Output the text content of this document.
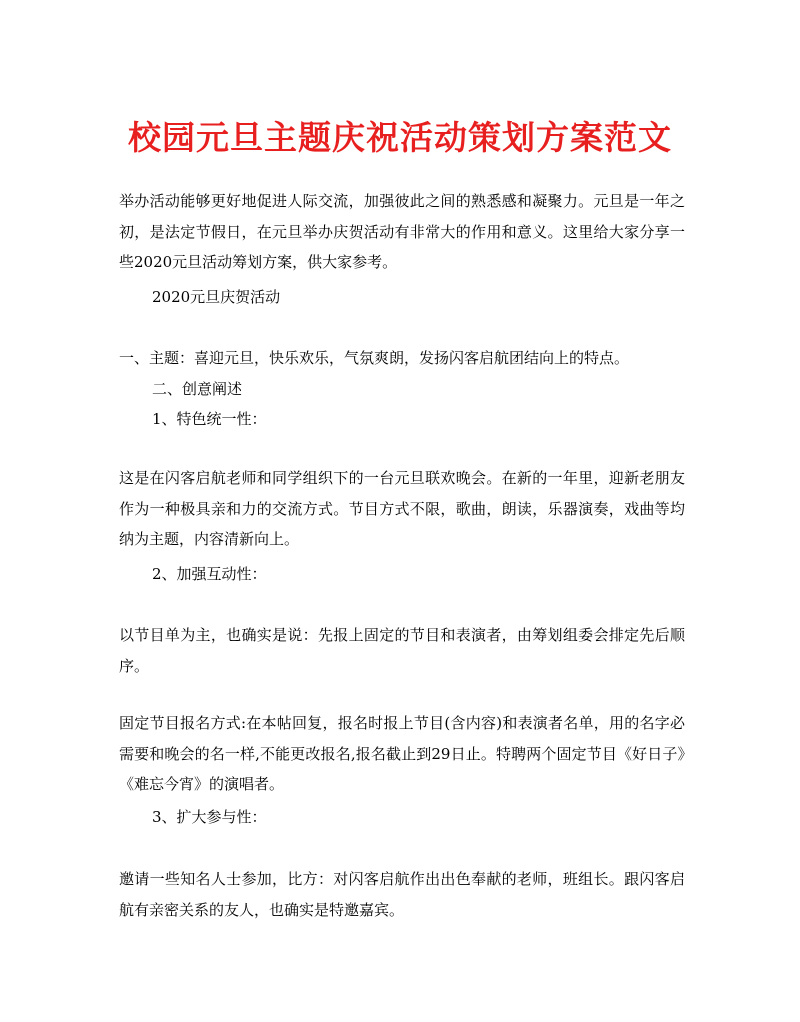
校园元旦主题庆祝活动策划方案范文

举办活动能够更好地促进人际交流，加强彼此之间的熟悉感和凝聚力。元旦是一年之初，是法定节假日，在元旦举办庆贺活动有非常大的作用和意义。这里给大家分享一些2020元旦活动筹划方案，供大家参考。

2020元旦庆贺活动

一、主题：喜迎元旦，快乐欢乐，气氛爽朗，发扬闪客启航团结向上的特点。

二、创意阐述

1、特色统一性：

这是在闪客启航老师和同学组织下的一台元旦联欢晚会。在新的一年里，迎新老朋友作为一种极具亲和力的交流方式。节目方式不限，歌曲，朗读，乐器演奏，戏曲等均纳为主题，内容清新向上。

2、加强互动性：

以节目单为主，也确实是说：先报上固定的节目和表演者，由筹划组委会排定先后顺序。

固定节目报名方式:在本帖回复，报名时报上节目(含内容)和表演者名单，用的名字必需要和晚会的名一样,不能更改报名,报名截止到29日止。特聘两个固定节目《好日子》《难忘今宵》的演唱者。

3、扩大参与性：

邀请一些知名人士参加，比方：对闪客启航作出出色奉献的老师，班组长。跟闪客启航有亲密关系的友人，也确实是特邀嘉宾。
